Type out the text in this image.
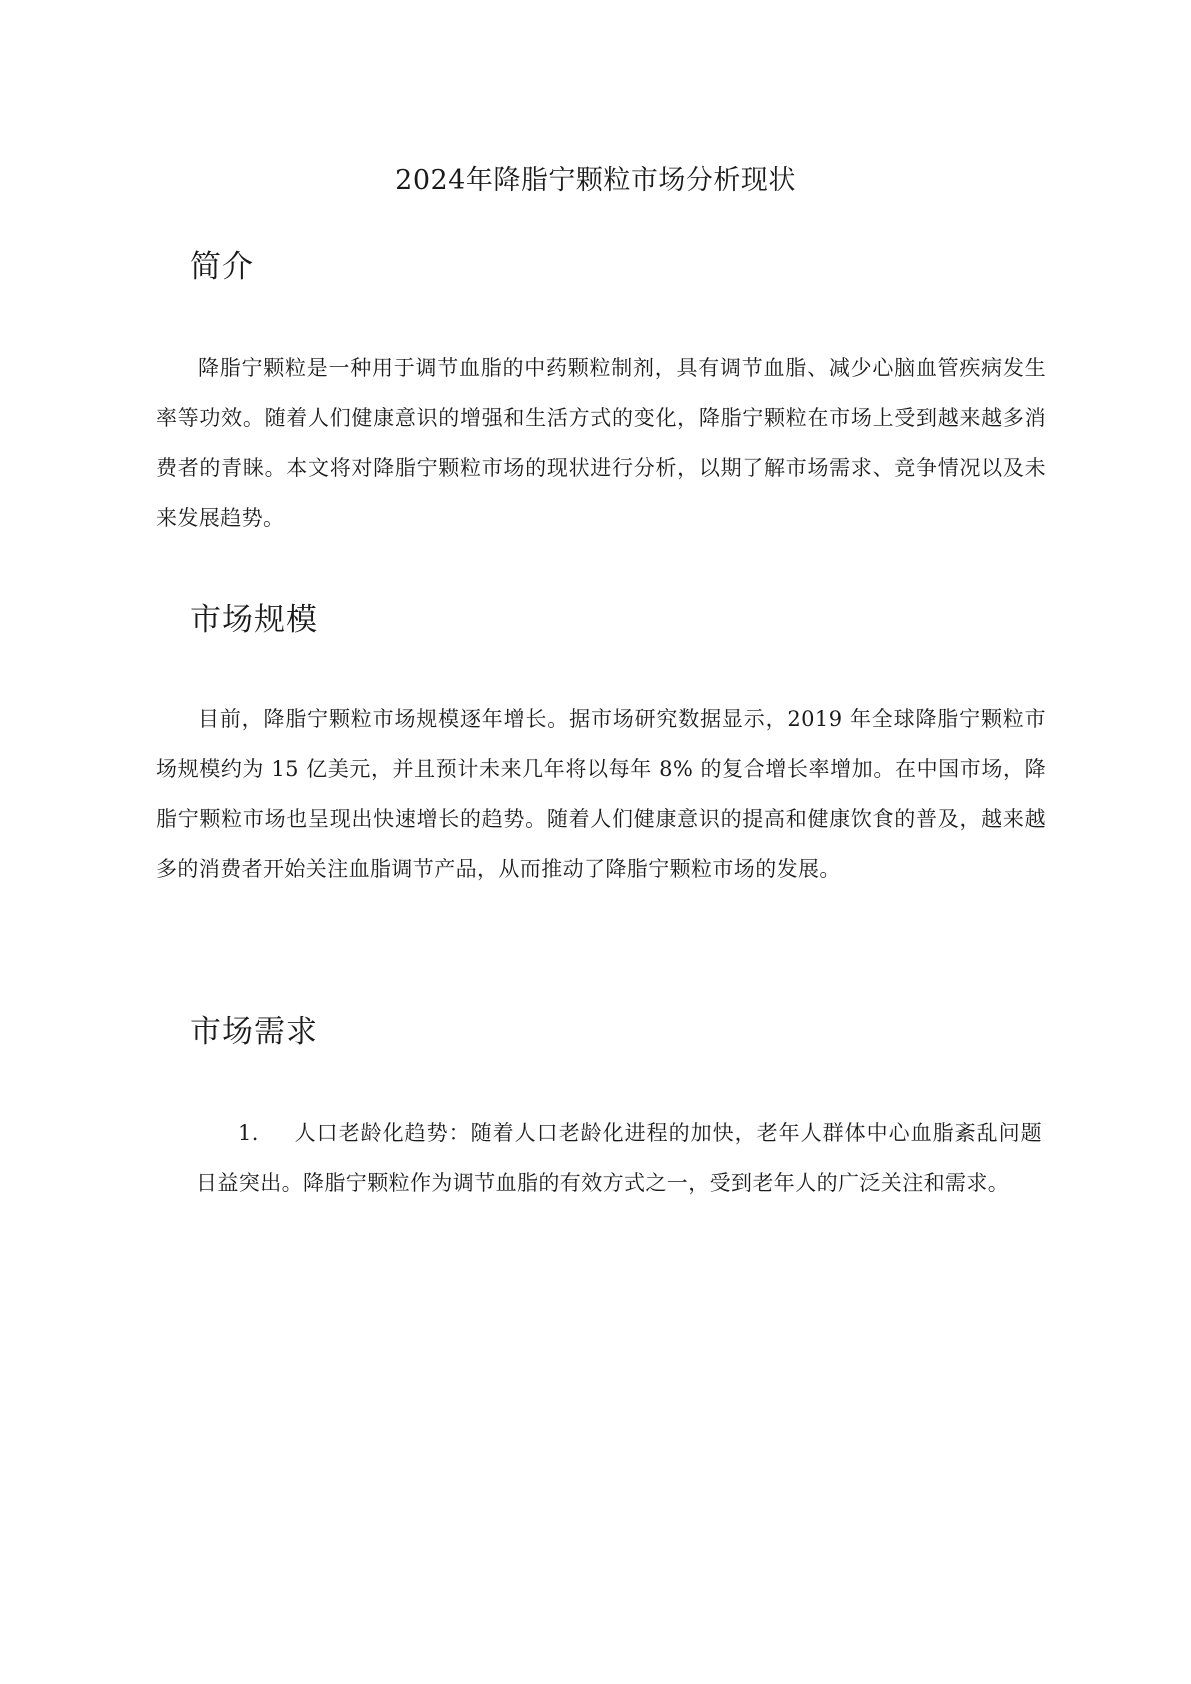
2024年降脂宁颗粒市场分析现状
简介

降脂宁颗粒是一种用于调节血脂的中药颗粒制剂，具有调节血脂、减少心脑血管疾病发生率等功效。随着人们健康意识的增强和生活方式的变化，降脂宁颗粒在市场上受到越来越多消费者的青睐。本文将对降脂宁颗粒市场的现状进行分析，以期了解市场需求、竞争情况以及未来发展趋势。

市场规模

目前，降脂宁颗粒市场规模逐年增长。据市场研究数据显示，2019 年全球降脂宁颗粒市场规模约为 15 亿美元，并且预计未来几年将以每年 8% 的复合增长率增加。在中国市场，降脂宁颗粒市场也呈现出快速增长的趋势。随着人们健康意识的提高和健康饮食的普及，越来越多的消费者开始关注血脂调节产品，从而推动了降脂宁颗粒市场的发展。

市场需求
1. 人口老龄化趋势：随着人口老龄化进程的加快，老年人群体中心血脂紊乱问题日益突出。降脂宁颗粒作为调节血脂的有效方式之一，受到老年人的广泛关注和需求。
